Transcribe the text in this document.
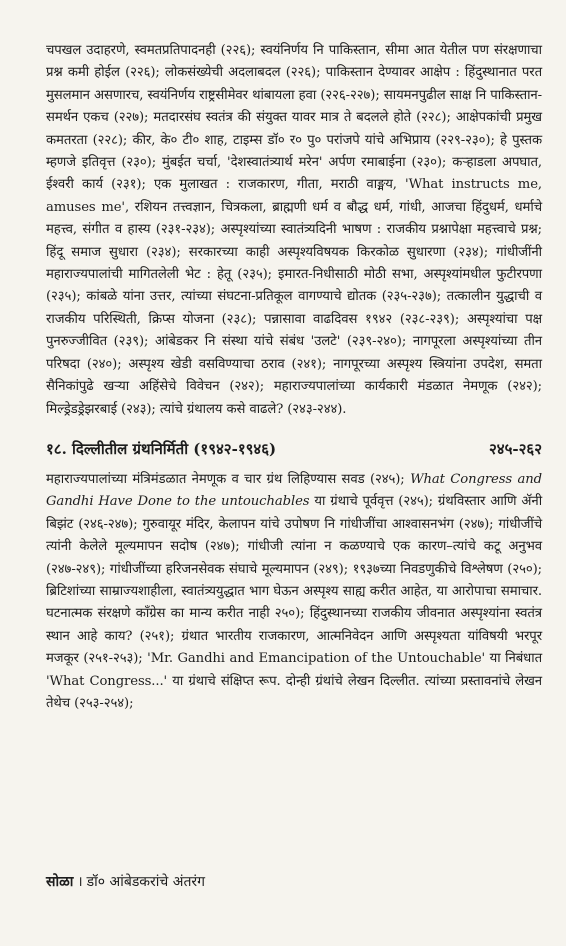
चपखल उदाहरणे, स्वमतप्रतिपादनही (२२६); स्वयंनिर्णय नि पाकिस्तान, सीमा आत येतील पण संरक्षणाचा प्रश्न कमी होईल (२२६); लोकसंख्येची अदलाबदल (२२६); पाकिस्तान देण्यावर आक्षेप : हिंदुस्थानात परत मुसलमान असणारच, स्वयंनिर्णय राष्ट्रसीमेवर थांबायला हवा (२२६-२२७); सायमनपुढील साक्ष नि पाकिस्तान-समर्थन एकच (२२७); मतदारसंघ स्वतंत्र की संयुक्त यावर मात्र ते बदलले होते (२२८); आक्षेपकांची प्रमुख कमतरता (२२८); कीर, के० टी० शाह, टाइम्स डॉ० र० पु० परांजपे यांचे अभिप्राय (२२९-२३०); हे पुस्तक म्हणजे इतिवृत्त (२३०); मुंबईत चर्चा, 'देशस्वातंत्र्यार्थ मरेन' अर्पण रमाबाईना (२३०); कऱ्हाडला अपघात, ईश्वरी कार्य (२३१); एक मुलाखत : राजकारण, गीता, मराठी वाङ्मय, 'What instructs me, amuses me', रशियन तत्त्वज्ञान, चित्रकला, ब्राह्मणी धर्म व बौद्ध धर्म, गांधी, आजचा हिंदुधर्म, धर्माचे महत्त्व, संगीत व हास्य (२३१-२३४); अस्पृश्यांच्या स्वातंत्र्यदिनी भाषण : राजकीय प्रश्नापेक्षा महत्त्वाचे प्रश्न; हिंदू समाज सुधारा (२३४); सरकारच्या काही अस्पृश्यविषयक किरकोळ सुधारणा (२३४); गांधीजींनी महाराज्यपालांची मागितलेली भेट : हेतू (२३५); इमारत-निधीसाठी मोठी सभा, अस्पृश्यांमधील फुटीरपणा (२३५); कांबळे यांना उत्तर, त्यांच्या संघटना-प्रतिकूल वागण्याचे द्योतक (२३५-२३७); तत्कालीन युद्धाची व राजकीय परिस्थिती, क्रिप्स योजना (२३८); पन्नासावा वाढदिवस १९४२ (२३८-२३९); अस्पृश्यांचा पक्ष पुनरुज्जीवित (२३९); आंबेडकर नि संस्था यांचे संबंध 'उलटे' (२३९-२४०); नागपूरला अस्पृश्यांच्या तीन परिषदा (२४०); अस्पृश्य खेडी वसविण्याचा ठराव (२४१); नागपूरच्या अस्पृश्य स्त्रियांना उपदेश, समता सैनिकांपुढे खऱ्या अहिंसेचे विवेचन (२४२); महाराज्यपालांच्या कार्यकारी मंडळात नेमणूक (२४२); मिल्ड्रेडड्रेझरबाई (२४३); त्यांचे ग्रंथालय कसे वाढले? (२४३-२४४).

१८. दिल्लीतील ग्रंथनिर्मिती (१९४२-१९४६)	२४५-२६२

महाराज्यपालांच्या मंत्रिमंडळात नेमणूक व चार ग्रंथ लिहिण्यास सवड (२४५); What Congress and Gandhi Have Done to the untouchables या ग्रंथाचे पूर्ववृत्त (२४५); ग्रंथविस्तार आणि ॲनी बिझंट (२४६-२४७); गुरुवायूर मंदिर, केलापन यांचे उपोषण नि गांधीजींचा आश्वासनभंग (२४७); गांधीजींचे त्यांनी केलेले मूल्यमापन सदोष (२४७); गांधीजी त्यांना न कळण्याचे एक कारण–त्यांचे कटू अनुभव (२४७-२४९); गांधीजींच्या हरिजनसेवक संघाचे मूल्यमापन (२४९); १९३७च्या निवडणुकीचे विश्लेषण (२५०); ब्रिटिशांच्या साम्राज्यशाहीला, स्वातंत्र्ययुद्धात भाग घेऊन अस्पृश्य साह्य करीत आहेत, या आरोपाचा समाचार. घटनात्मक संरक्षणे काँग्रेस का मान्य करीत नाही २५०); हिंदुस्थानच्या राजकीय जीवनात अस्पृश्यांना स्वतंत्र स्थान आहे काय? (२५१); ग्रंथात भारतीय राजकारण, आत्मनिवेदन आणि अस्पृश्यता यांविषयी भरपूर मजकूर (२५१-२५३); 'Mr. Gandhi and Emancipation of the Untouchable' या निबंधात 'What Congress...' या ग्रंथाचे संक्षिप्त रूप. दोन्ही ग्रंथांचे लेखन दिल्लीत. त्यांच्या प्रस्तावनांचे लेखन तेथेच (२५३-२५४);

सोळा । डॉ० आंबेडकरांचे अंतरंग
